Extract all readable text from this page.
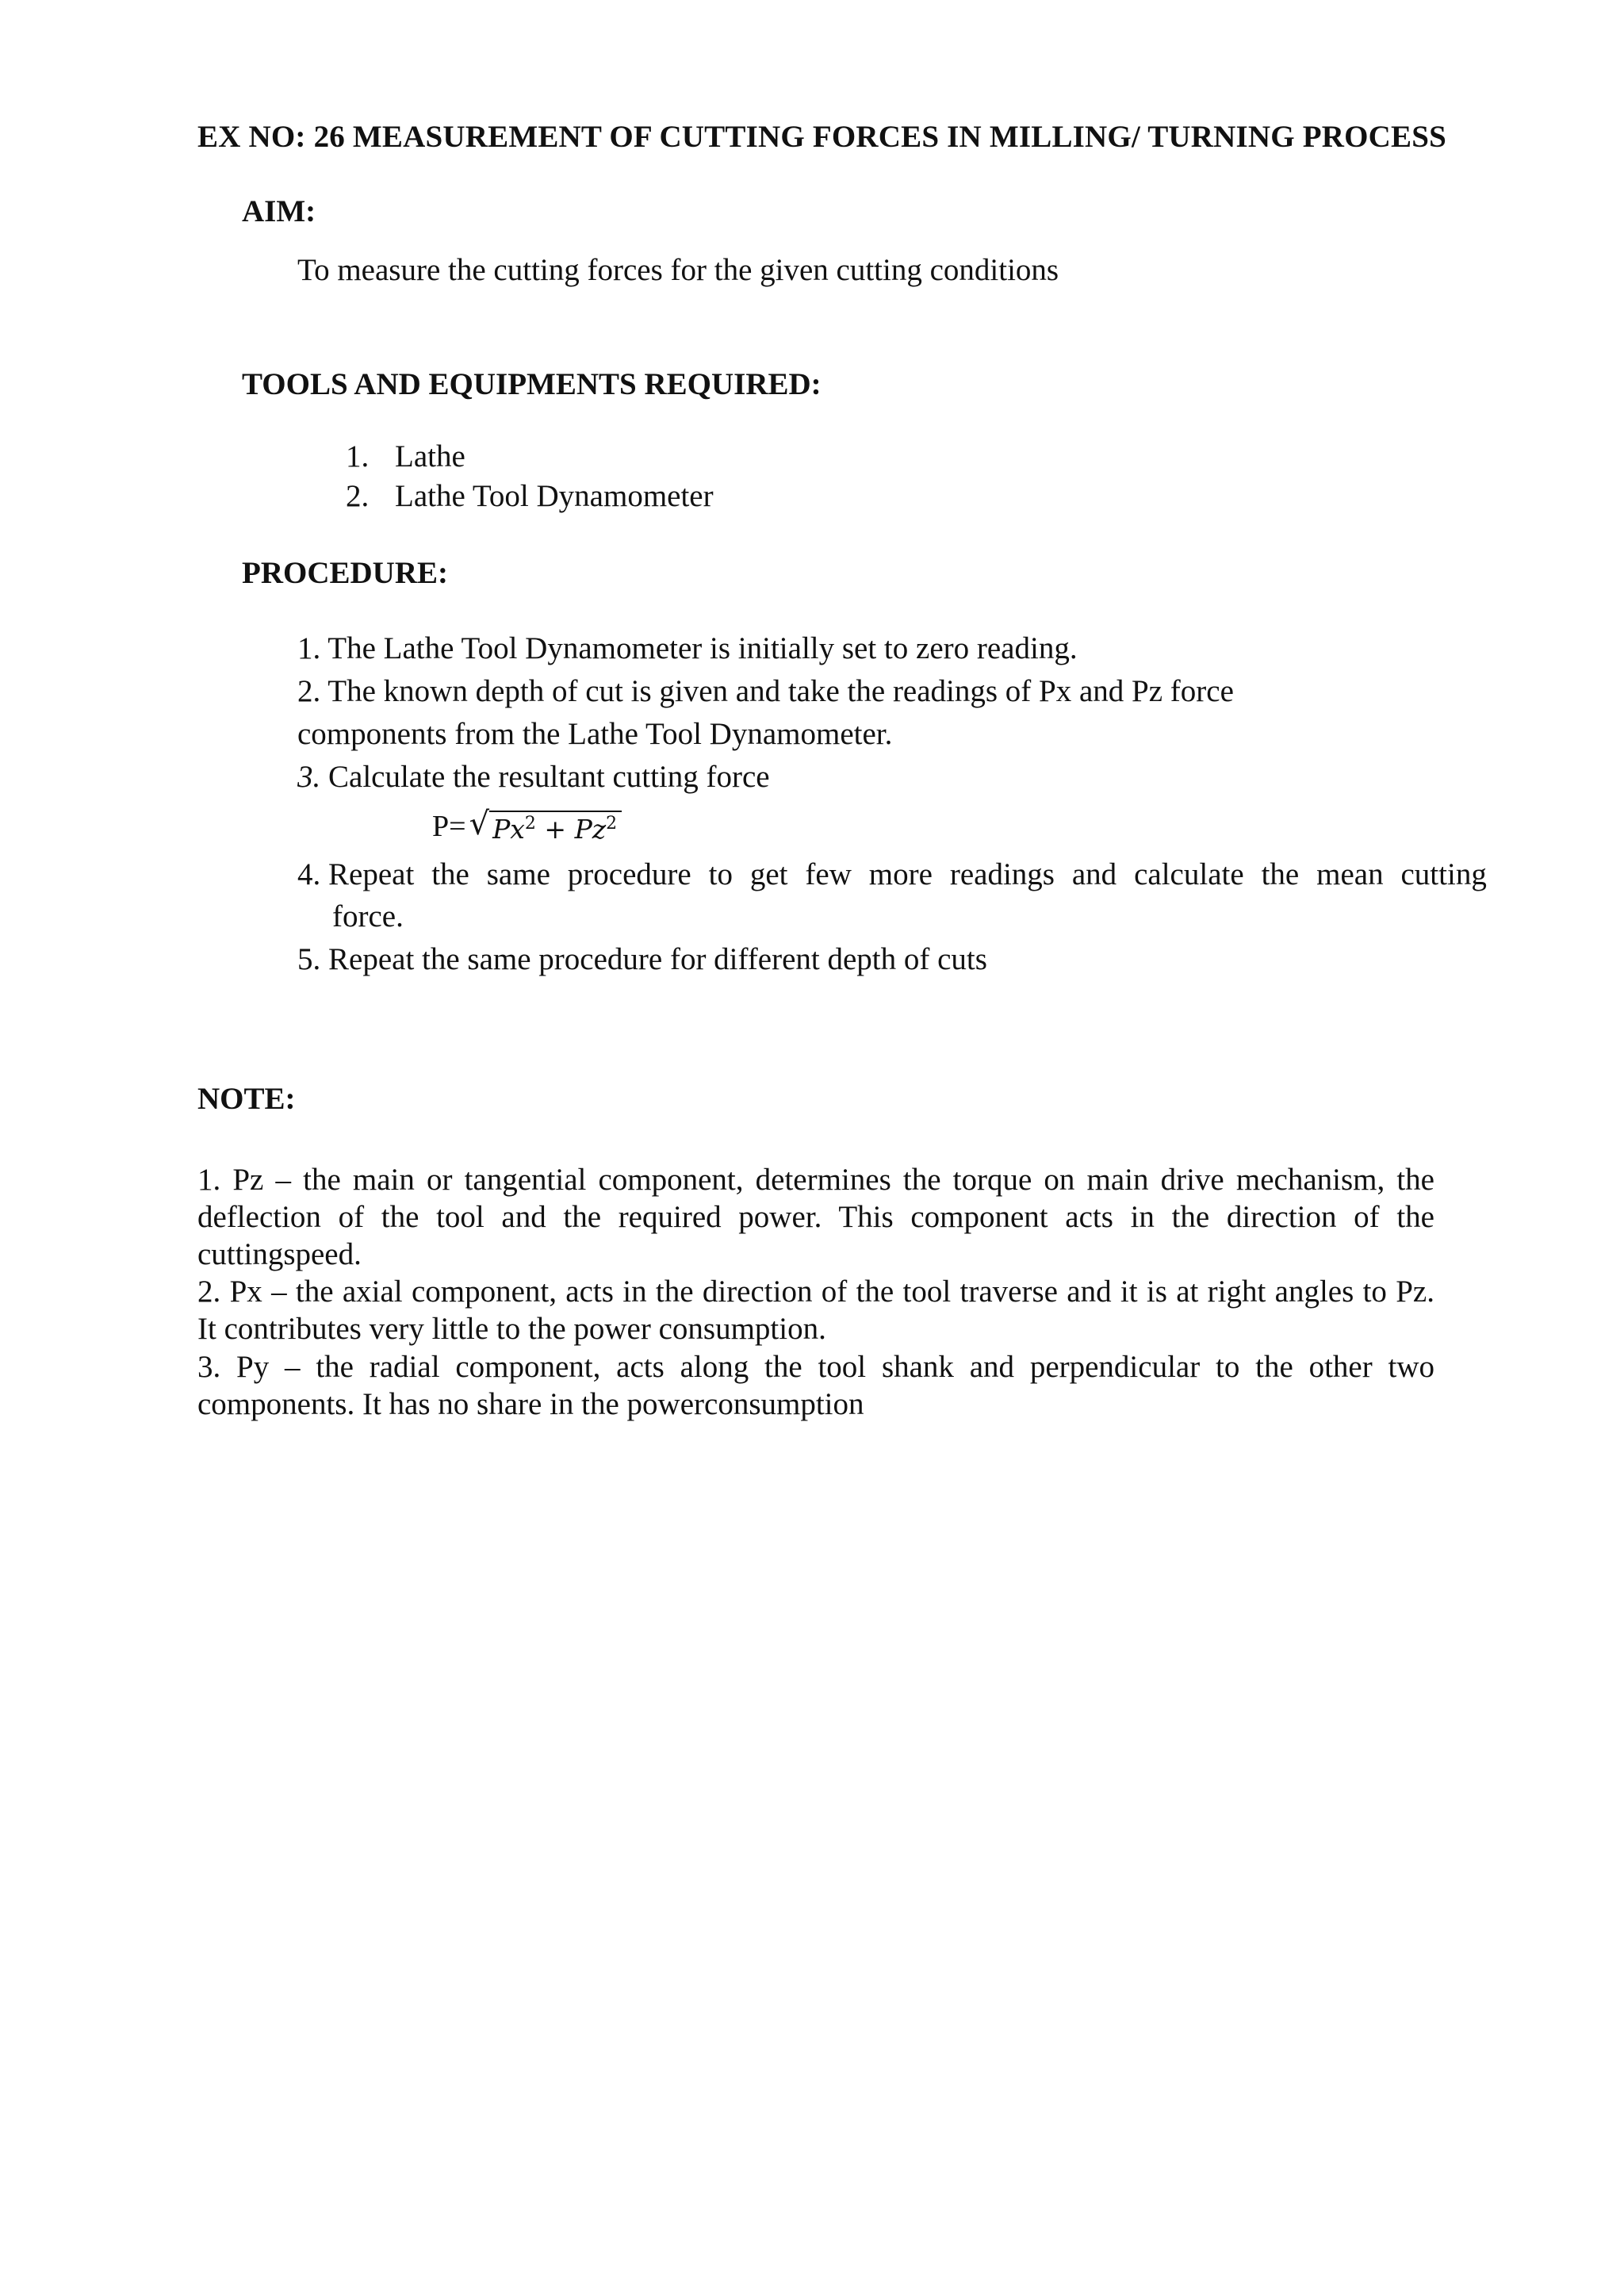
EX NO: 26 MEASUREMENT OF CUTTING FORCES IN MILLING/ TURNING PROCESS
AIM:
To measure the cutting forces for the given cutting conditions
TOOLS AND EQUIPMENTS REQUIRED:
1. Lathe
2. Lathe Tool Dynamometer
PROCEDURE:
1. The Lathe Tool Dynamometer is initially set to zero reading.
2. The known depth of cut is given and take the readings of Px and Pz force
components from the Lathe Tool Dynamometer.
3. Calculate the resultant cutting force
P= √ $Px^2 + Pz^2$
4. Repeat the same procedure to get few more readings and calculate the mean cutting
force.
5. Repeat the same procedure for different depth of cuts
NOTE:
1. Pz – the main or tangential component, determines the torque on main drive mechanism, the deflection of the tool and the required power. This component acts in the direction of the cuttingspeed.
2. Px – the axial component, acts in the direction of the tool traverse and it is at right angles to Pz. It contributes very little to the power consumption.
3. Py – the radial component, acts along the tool shank and perpendicular to the other two components. It has no share in the powerconsumption
